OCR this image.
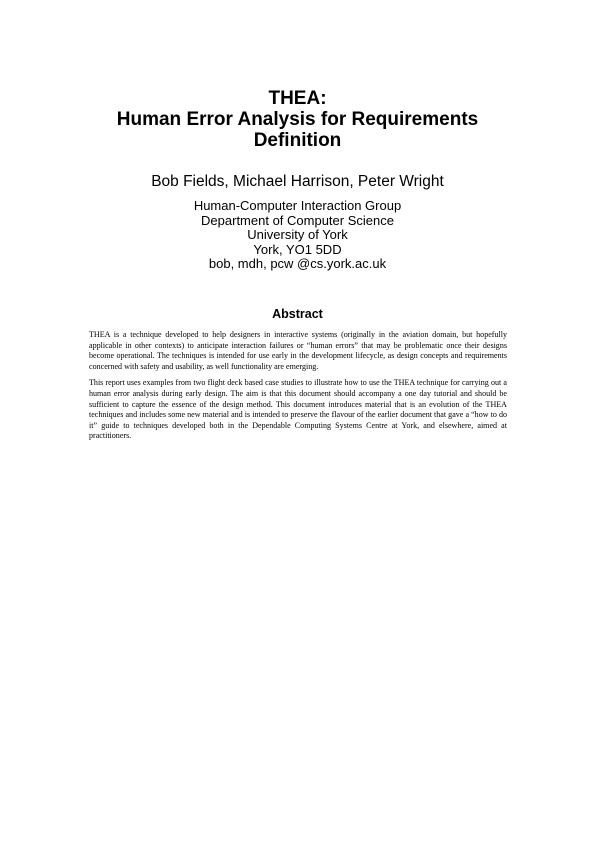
THEA:
Human Error Analysis for Requirements
Definition
Bob Fields, Michael Harrison, Peter Wright
Human-Computer Interaction Group
Department of Computer Science
University of York
York, YO1 5DD
bob, mdh, pcw @cs.york.ac.uk
Abstract

THEA is a technique developed to help designers in interactive systems (originally in the aviation domain, but hopefully applicable in other contexts) to anticipate interaction failures or “human errors” that may be problematic once their designs become operational. The techniques is intended for use early in the development lifecycle, as design concepts and requirements concerned with safety and usability, as well functionality are emerging.

This report uses examples from two flight deck based case studies to illustrate how to use the THEA technique for carrying out a human error analysis during early design. The aim is that this document should accompany a one day tutorial and should be sufficient to capture the essence of the design method. This document introduces material that is an evolution of the THEA techniques and includes some new material and is intended to preserve the flavour of the earlier document that gave a “how to do it” guide to techniques developed both in the Dependable Computing Systems Centre at York, and elsewhere, aimed at practitioners.
